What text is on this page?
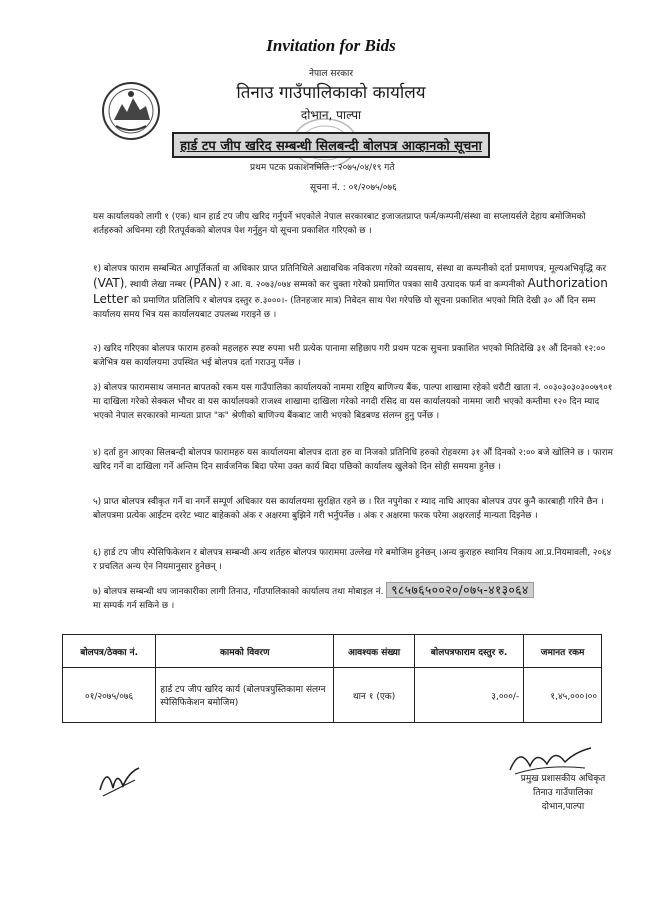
Invitation for Bids
नेपाल सरकार
तिनाउ गाउँपालिकाको कार्यालय
दोभान, पाल्पा
हार्ड टप जीप खरिद सम्बन्धी सिलबन्दी बोलपत्र आव्हानको सूचना
प्रथम पटक प्रकाशनमिति : २०७५/०४/१९ गते
सूचना नं. : ०१/२०७५/०७६
यस कार्यालयको लागी १ (एक) थान हार्ड टप जीप खरिद गर्नुपर्ने भएकोले नेपाल सरकारबाट इजाजतप्राप्त फर्म/कम्पनी/संस्था वा सप्लायर्सले देहाय बमोजिमको शर्तहरुको अधिनमा रही रितपूर्वकको बोलपत्र पेश गर्नुहुन यो सूचना प्रकाशित गरिएको छ ।
१) बोलपत्र फाराम सम्बन्धित आपूर्तिकर्ता वा अधिकार प्राप्त प्रतिनिधिले अद्यावधिक नविकरण गरेको व्यवसाय, संस्था वा कम्पनीको दर्ता प्रमाणपत्र, मूल्यअभिवृद्धि कर (VAT), स्थायी लेखा नम्बर (PAN) र आ. व. २०७३/०७४ सम्मको कर चुक्ता गरेको प्रमाणित पत्रका साथै उत्पादक फर्म वा कम्पनीको Authorization Letter को प्रमाणित प्रतिलिपि र बोलपत्र दस्तुर रु.३०००।- (तिनहजार मात्र) निवेदन साथ पेश गरेपछि यो सूचना प्रकाशित भएको मिति देखी ३० औं दिन सम्म कार्यालय समय भित्र यस कार्यालयबाट उपलब्ध गराइने छ ।
२) खरिद गरिएका बोलपत्र फाराम हरुको महलहरु स्पष्ट रुपमा भरी प्रत्येक पानामा सहिछाप गरी प्रथम पटक सुचना प्रकाशित भएको मितिदेखि ३१ औं दिनको १२:०० बजेभित्र यस कार्यालयमा उपस्थित भई बोलपत्र दर्ता गराउनु पर्नेछ ।
३) बोलपत्र फारामसाथ जमानत बापतको रकम यस गाउँपालिका कार्यालयको नाममा राष्ट्रिय बाणिज्य बैंक, पाल्पा शाखामा रहेको धरौटी खाता नं. ००३०३०३०३००७९०१ मा दाखिला गरेको सेक्कल भौचर वा यस कार्यालयको राजश्व शाखामा दाखिला गरेको नगदी रसिद वा यस कार्यालयको नाममा जारी भएको कम्तीमा १२० दिन म्याद भएको नेपाल सरकारको मान्यता प्राप्त "क" श्रेणीको बाणिज्य बैंकबाट जारी भएको बिडबण्ड संलग्न हुनु पर्नेछ ।
४) दर्ता हुन आएका सिलबन्दी बोलपत्र फारामहरु यस कार्यालयमा बोलपत्र दाता हरु वा निजको प्रतिनिधि हरुको रोहवरमा ३१ औं दिनको २:०० बजे खोलिने छ । फाराम खरिद गर्ने वा दाखिला गर्ने अन्तिम दिन सार्वजनिक बिदा परेमा उक्त कार्य बिदा पछिको कार्यालय खुलेको दिन सोही समयमा हुनेछ ।
५) प्राप्त बोलपत्र स्वीकृत गर्ने वा नगर्ने सम्पूर्ण अधिकार यस कार्यालयमा सुरक्षित रहने छ । रित नपुगेका र म्याद नाघि आएका बोलपत्र उपर कुनै कारबाही गरिने छैन । बोलपत्रमा प्रत्येक आईटम दररेट भ्याट बाहेकको अंक र अक्षरमा बुझिने गरी भर्नुपर्नेछ । अंक र अक्षरमा फरक परेमा अक्षरलाई मान्यता दिइनेछ ।
६) हार्ड टप जीप स्पेसिफिकेशन र बोलपत्र सम्बन्धी अन्य शर्तहरु बोलपत्र फाराममा उल्लेख गरे बमोजिम हुनेछन् ।अन्य कुराहरु स्थानिय निकाय आ.प्र.नियमावली, २०६४ र प्रचलित अन्य ऐन नियमानुसार हुनेछन् ।
७) बोलपत्र सम्बन्धी थप जानकारीका लागी तिनाउ, गाँउपालिकाको कार्यालय तथा मोबाइल नं. ९८५७६५००२०/०७५-४१३०६४
मा सम्पर्क गर्न सकिने छ ।
बोलपत्र/ठेक्का नं.	कामको विवरण	आवश्यक संख्या	बोलपत्रफाराम दस्तुर रु.	जमानत रकम
०१/२०७५/०७६	हार्ड टप जीप खरिद कार्य (बोलपत्रपुस्तिकामा संलग्न स्पेसिफिकेशन बमोजिम)	थान १ (एक)	३,०००/-	१,४५,०००।००
प्रमुख प्रशासकीय अधिकृत
तिनाउ गाउँपालिका
दोभान,पाल्पा
